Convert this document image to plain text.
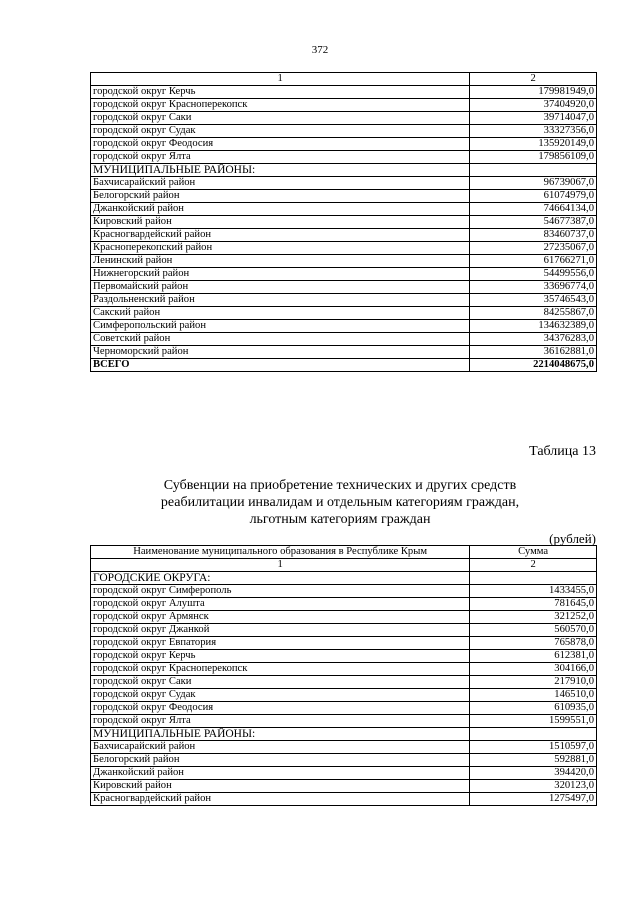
372
1	2
городской округ Керчь	179981949,0
городской округ Красноперекопск	37404920,0
городской округ Саки	39714047,0
городской округ Судак	33327356,0
городской округ Феодосия	135920149,0
городской округ Ялта	179856109,0
МУНИЦИПАЛЬНЫЕ РАЙОНЫ:	
Бахчисарайский район	96739067,0
Белогорский район	61074979,0
Джанкойский район	74664134,0
Кировский район	54677387,0
Красногвардейский район	83460737,0
Красноперекопский район	27235067,0
Ленинский район	61766271,0
Нижнегорский район	54499556,0
Первомайский район	33696774,0
Раздольненский район	35746543,0
Сакский район	84255867,0
Симферопольский район	134632389,0
Советский район	34376283,0
Черноморский район	36162881,0
ВСЕГО	2214048675,0
Таблица 13
Субвенции на приобретение технических и других средств
реабилитации инвалидам и отдельным категориям граждан,
льготным категориям граждан
(рублей)
Наименование муниципального образования в Республике Крым	Сумма
1	2
ГОРОДСКИЕ ОКРУГА:	
городской округ Симферополь	1433455,0
городской округ Алушта	781645,0
городской округ Армянск	321252,0
городской округ Джанкой	560570,0
городской округ Евпатория	765878,0
городской округ Керчь	612381,0
городской округ Красноперекопск	304166,0
городской округ Саки	217910,0
городской округ Судак	146510,0
городской округ Феодосия	610935,0
городской округ Ялта	1599551,0
МУНИЦИПАЛЬНЫЕ РАЙОНЫ:	
Бахчисарайский район	1510597,0
Белогорский район	592881,0
Джанкойский район	394420,0
Кировский район	320123,0
Красногвардейский район	1275497,0
